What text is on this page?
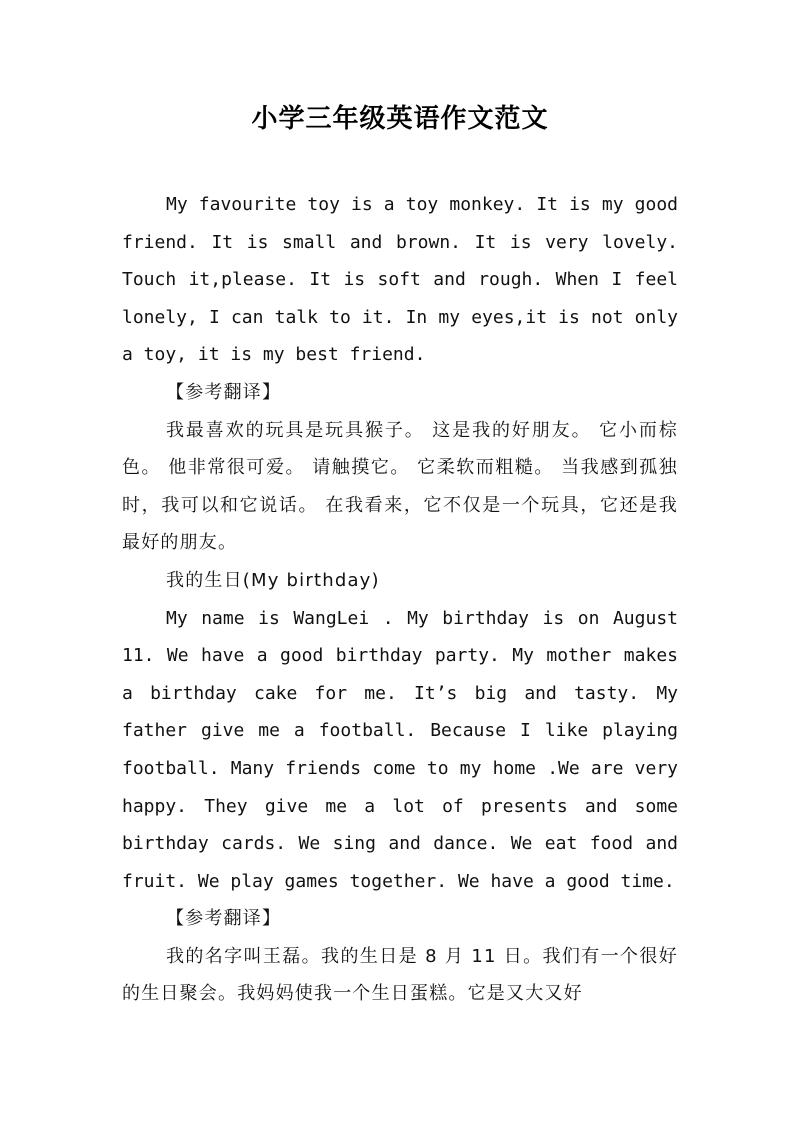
小学三年级英语作文范文

My favourite toy is a toy monkey. It is my good friend. It is small and brown. It is very lovely. Touch it,please. It is soft and rough. When I feel lonely, I can talk to it. In my eyes,it is not only a toy, it is my best friend.

【参考翻译】

我最喜欢的玩具是玩具猴子。 这是我的好朋友。 它小而棕色。 他非常很可爱。 请触摸它。 它柔软而粗糙。 当我感到孤独时，我可以和它说话。 在我看来，它不仅是一个玩具，它还是我最好的朋友。

我的生日(My birthday)

My name is WangLei . My birthday is on August 11. We have a good birthday party. My mother makes a birthday cake for me. It’s big and tasty. My father give me a football. Because I like playing football. Many friends come to my home .We are very happy. They give me a lot of presents and some birthday cards. We sing and dance. We eat food and fruit. We play games together. We have a good time.

【参考翻译】

我的名字叫王磊。我的生日是 8 月 11 日。我们有一个很好的生日聚会。我妈妈使我一个生日蛋糕。它是又大又好
